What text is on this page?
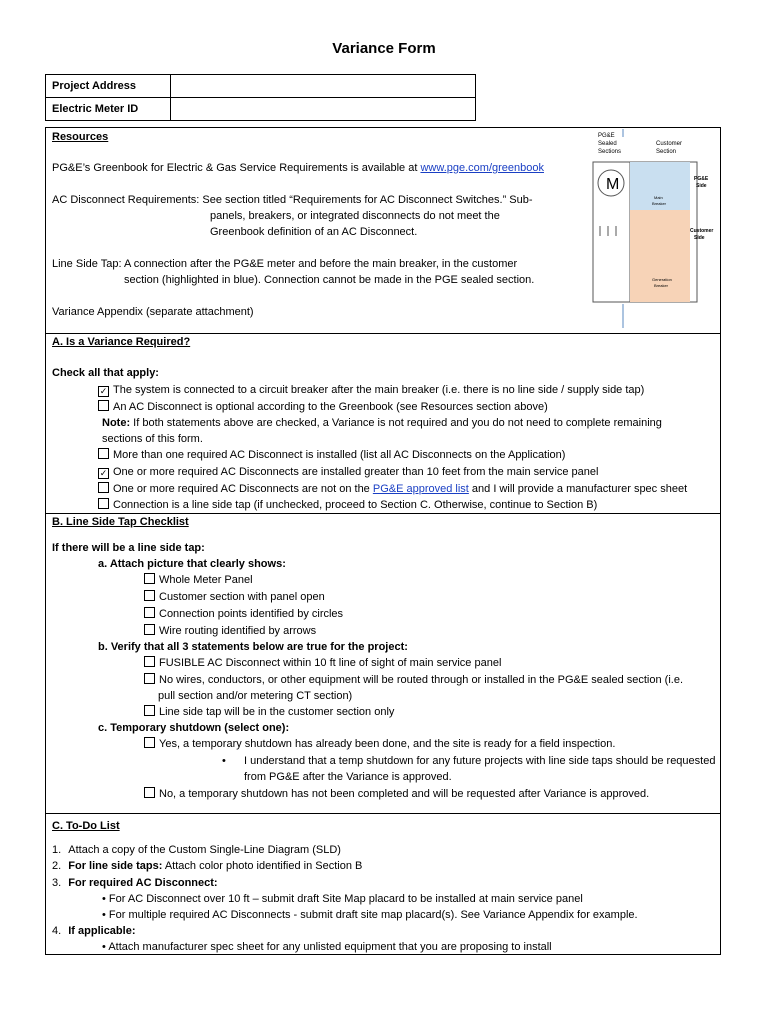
Variance Form
Project Address	
Electric Meter ID	
Resources
PG&E’s Greenbook for Electric & Gas Service Requirements is available at www.pge.com/greenbook
AC Disconnect Requirements: See section titled “Requirements for AC Disconnect Switches.” Sub-
panels, breakers, or integrated disconnects do not meet the
Greenbook definition of an AC Disconnect.
Line Side Tap: A connection after the PG&E meter and before the main breaker, in the customer
section (highlighted in blue). Connection cannot be made in the PGE sealed section.
Variance Appendix (separate attachment)
PG&E
Sealed
Sections
Customer
Section
M	PG&E
Side
Main
Breaker
Customer
Side
Generation
Breaker
A. Is a Variance Required?
Check all that apply:
✓ The system is connected to a circuit breaker after the main breaker (i.e. there is no line side / supply side tap)
An AC Disconnect is optional according to the Greenbook (see Resources section above)
Note: If both statements above are checked, a Variance is not required and you do not need to complete remaining
sections of this form.
More than one required AC Disconnect is installed (list all AC Disconnects on the Application)
✓ One or more required AC Disconnects are installed greater than 10 feet from the main service panel
One or more required AC Disconnects are not on the PG&E approved list and I will provide a manufacturer spec sheet
Connection is a line side tap (if unchecked, proceed to Section C. Otherwise, continue to Section B)
B. Line Side Tap Checklist
If there will be a line side tap:
a. Attach picture that clearly shows:
Whole Meter Panel
Customer section with panel open
Connection points identified by circles
Wire routing identified by arrows
b. Verify that all 3 statements below are true for the project:
FUSIBLE AC Disconnect within 10 ft line of sight of main service panel
No wires, conductors, or other equipment will be routed through or installed in the PG&E sealed section (i.e.
pull section and/or metering CT section)
Line side tap will be in the customer section only
c. Temporary shutdown (select one):
Yes, a temporary shutdown has already been done, and the site is ready for a field inspection.
• I understand that a temp shutdown for any future projects with line side taps should be requested
from PG&E after the Variance is approved.
No, a temporary shutdown has not been completed and will be requested after Variance is approved.
C. To-Do List
1. Attach a copy of the Custom Single-Line Diagram (SLD)
2. For line side taps: Attach color photo identified in Section B
3. For required AC Disconnect:
• For AC Disconnect over 10 ft – submit draft Site Map placard to be installed at main service panel
• For multiple required AC Disconnects - submit draft site map placard(s). See Variance Appendix for example.
4. If applicable:
• Attach manufacturer spec sheet for any unlisted equipment that you are proposing to install
